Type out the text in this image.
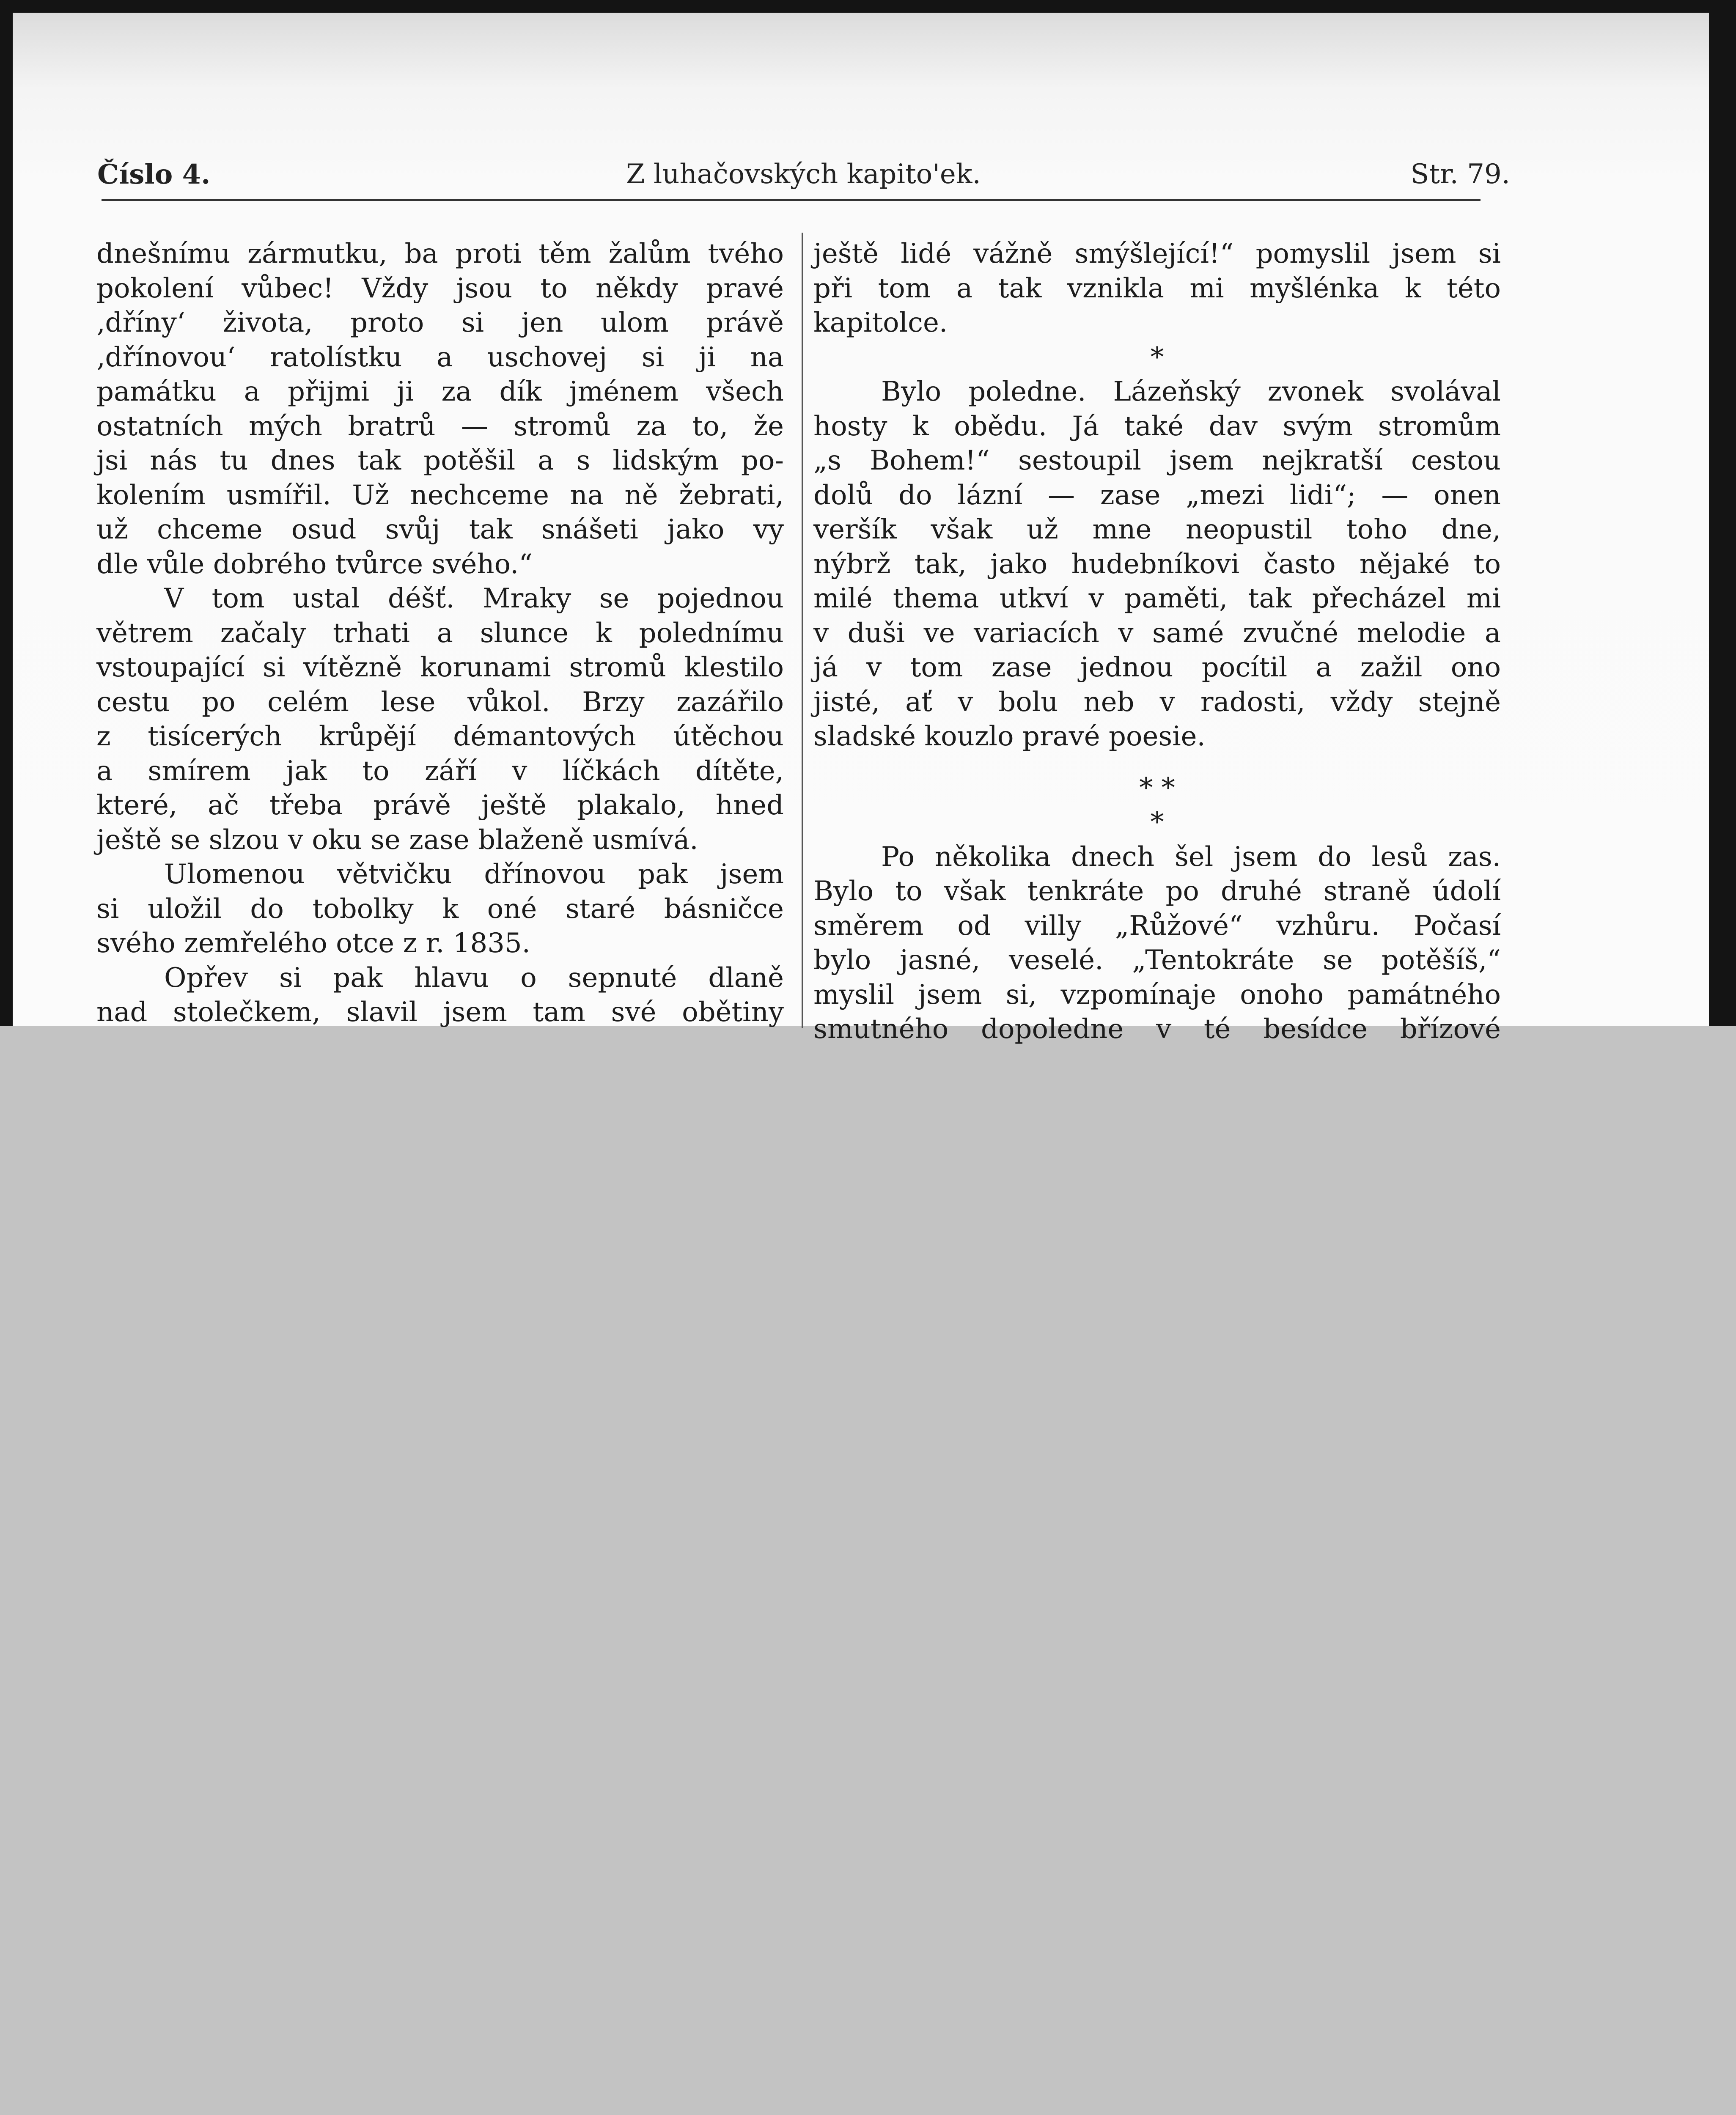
Číslo 4.	Z luhačovských kapito'ek.	Str. 79.
dnešnímu zármutku, ba proti těm žalům tvého
pokolení vůbec! Vždy jsou to někdy pravé
‚dříny‘ života, proto si jen ulom právě
‚dřínovou‘ ratolístku a uschovej si ji na
památku a přijmi ji za dík jménem všech
ostatních mých bratrů — stromů za to, že
jsi nás tu dnes tak potěšil a s lidským po-
kolením usmířil. Už nechceme na ně žebrati,
už chceme osud svůj tak snášeti jako vy
dle vůle dobrého tvůrce svého.“
V tom ustal déšť. Mraky se pojednou
větrem začaly trhati a slunce k polednímu
vstoupající si vítězně korunami stromů klestilo
cestu po celém lese vůkol. Brzy zazářilo
z tisícerých krůpějí démantových útěchou
a smírem jak to září v líčkách dítěte,
které, ač třeba právě ještě plakalo, hned
ještě se slzou v oku se zase blaženě usmívá.
Ulomenou větvičku dřínovou pak jsem
si uložil do tobolky k oné staré básničce
svého zemřelého otce z r. 1835.
Opřev si pak hlavu o sepnuté dlaně
nad stolečkem, slavil jsem tam své obětiny
ještě lidé vážně smýšlející!“ pomyslil jsem si
při tom a tak vznikla mi myšlénka k této
kapitolce.
*
Bylo poledne. Lázeňský zvonek svolával
hosty k obědu. Já také dav svým stromům
„s Bohem!“ sestoupil jsem nejkratší cestou
dolů do lázní — zase „mezi lidi“; — onen
veršík však už mne neopustil toho dne,
nýbrž tak, jako hudebníkovi často nějaké to
milé thema utkví v paměti, tak přecházel mi
v duši ve variacích v samé zvučné melodie a
já v tom zase jednou pocítil a zažil ono
jisté, ať v bolu neb v radosti, vždy stejně
sladské kouzlo pravé poesie.
* *
*
Po několika dnech šel jsem do lesů zas.
Bylo to však tenkráte po druhé straně údolí
směrem od villy „Růžové“ vzhůru. Počasí
bylo jasné, veselé. „Tentokráte se potěšíš,“
myslil jsem si, vzpomínaje onoho památného
smutného dopoledne v té besídce břízové
